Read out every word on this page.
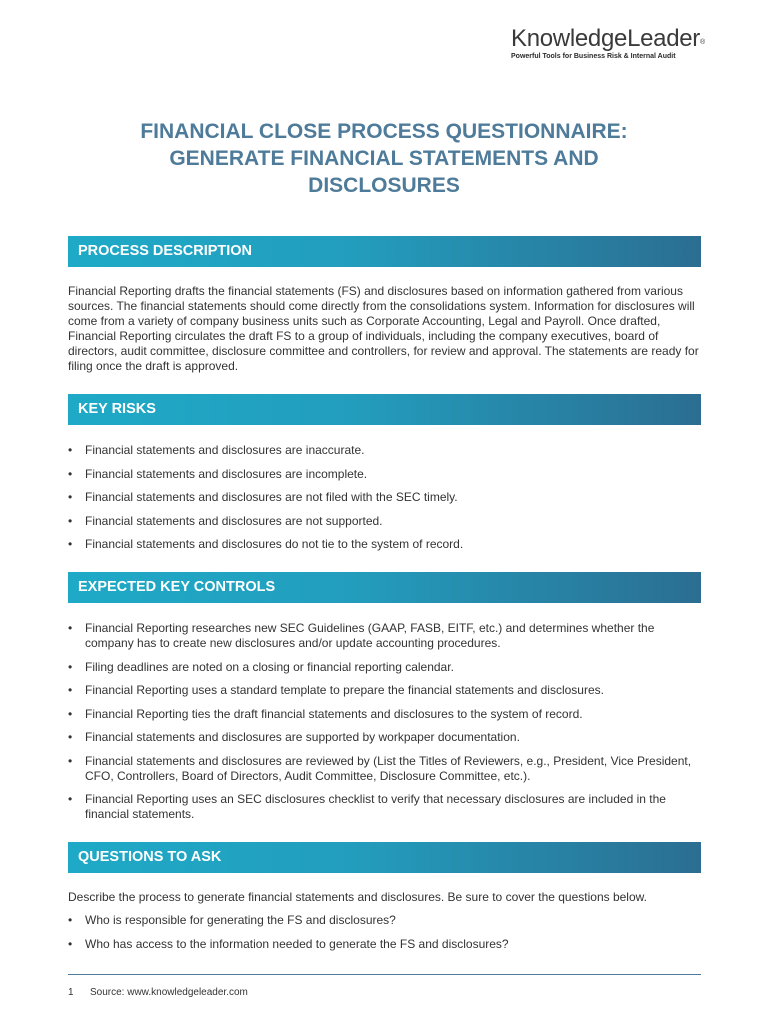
KnowledgeLeader®
Powerful Tools for Business Risk & Internal Audit
FINANCIAL CLOSE PROCESS QUESTIONNAIRE:
GENERATE FINANCIAL STATEMENTS AND
DISCLOSURES
PROCESS DESCRIPTION

Financial Reporting drafts the financial statements (FS) and disclosures based on information gathered from various sources. The financial statements should come directly from the consolidations system. Information for disclosures will come from a variety of company business units such as Corporate Accounting, Legal and Payroll. Once drafted, Financial Reporting circulates the draft FS to a group of individuals, including the company executives, board of directors, audit committee, disclosure committee and controllers, for review and approval. The statements are ready for filing once the draft is approved.

KEY RISKS
• Financial statements and disclosures are inaccurate.
• Financial statements and disclosures are incomplete.
• Financial statements and disclosures are not filed with the SEC timely.
• Financial statements and disclosures are not supported.
• Financial statements and disclosures do not tie to the system of record.
EXPECTED KEY CONTROLS
• Financial Reporting researches new SEC Guidelines (GAAP, FASB, EITF, etc.) and determines whether the company has to create new disclosures and/or update accounting procedures.
• Filing deadlines are noted on a closing or financial reporting calendar.
• Financial Reporting uses a standard template to prepare the financial statements and disclosures.
• Financial Reporting ties the draft financial statements and disclosures to the system of record.
• Financial statements and disclosures are supported by workpaper documentation.
• Financial statements and disclosures are reviewed by (List the Titles of Reviewers, e.g., President, Vice President, CFO, Controllers, Board of Directors, Audit Committee, Disclosure Committee, etc.).
• Financial Reporting uses an SEC disclosures checklist to verify that necessary disclosures are included in the financial statements.
QUESTIONS TO ASK

Describe the process to generate financial statements and disclosures. Be sure to cover the questions below.

• Who is responsible for generating the FS and disclosures?
• Who has access to the information needed to generate the FS and disclosures?
1 Source: www.knowledgeleader.com
